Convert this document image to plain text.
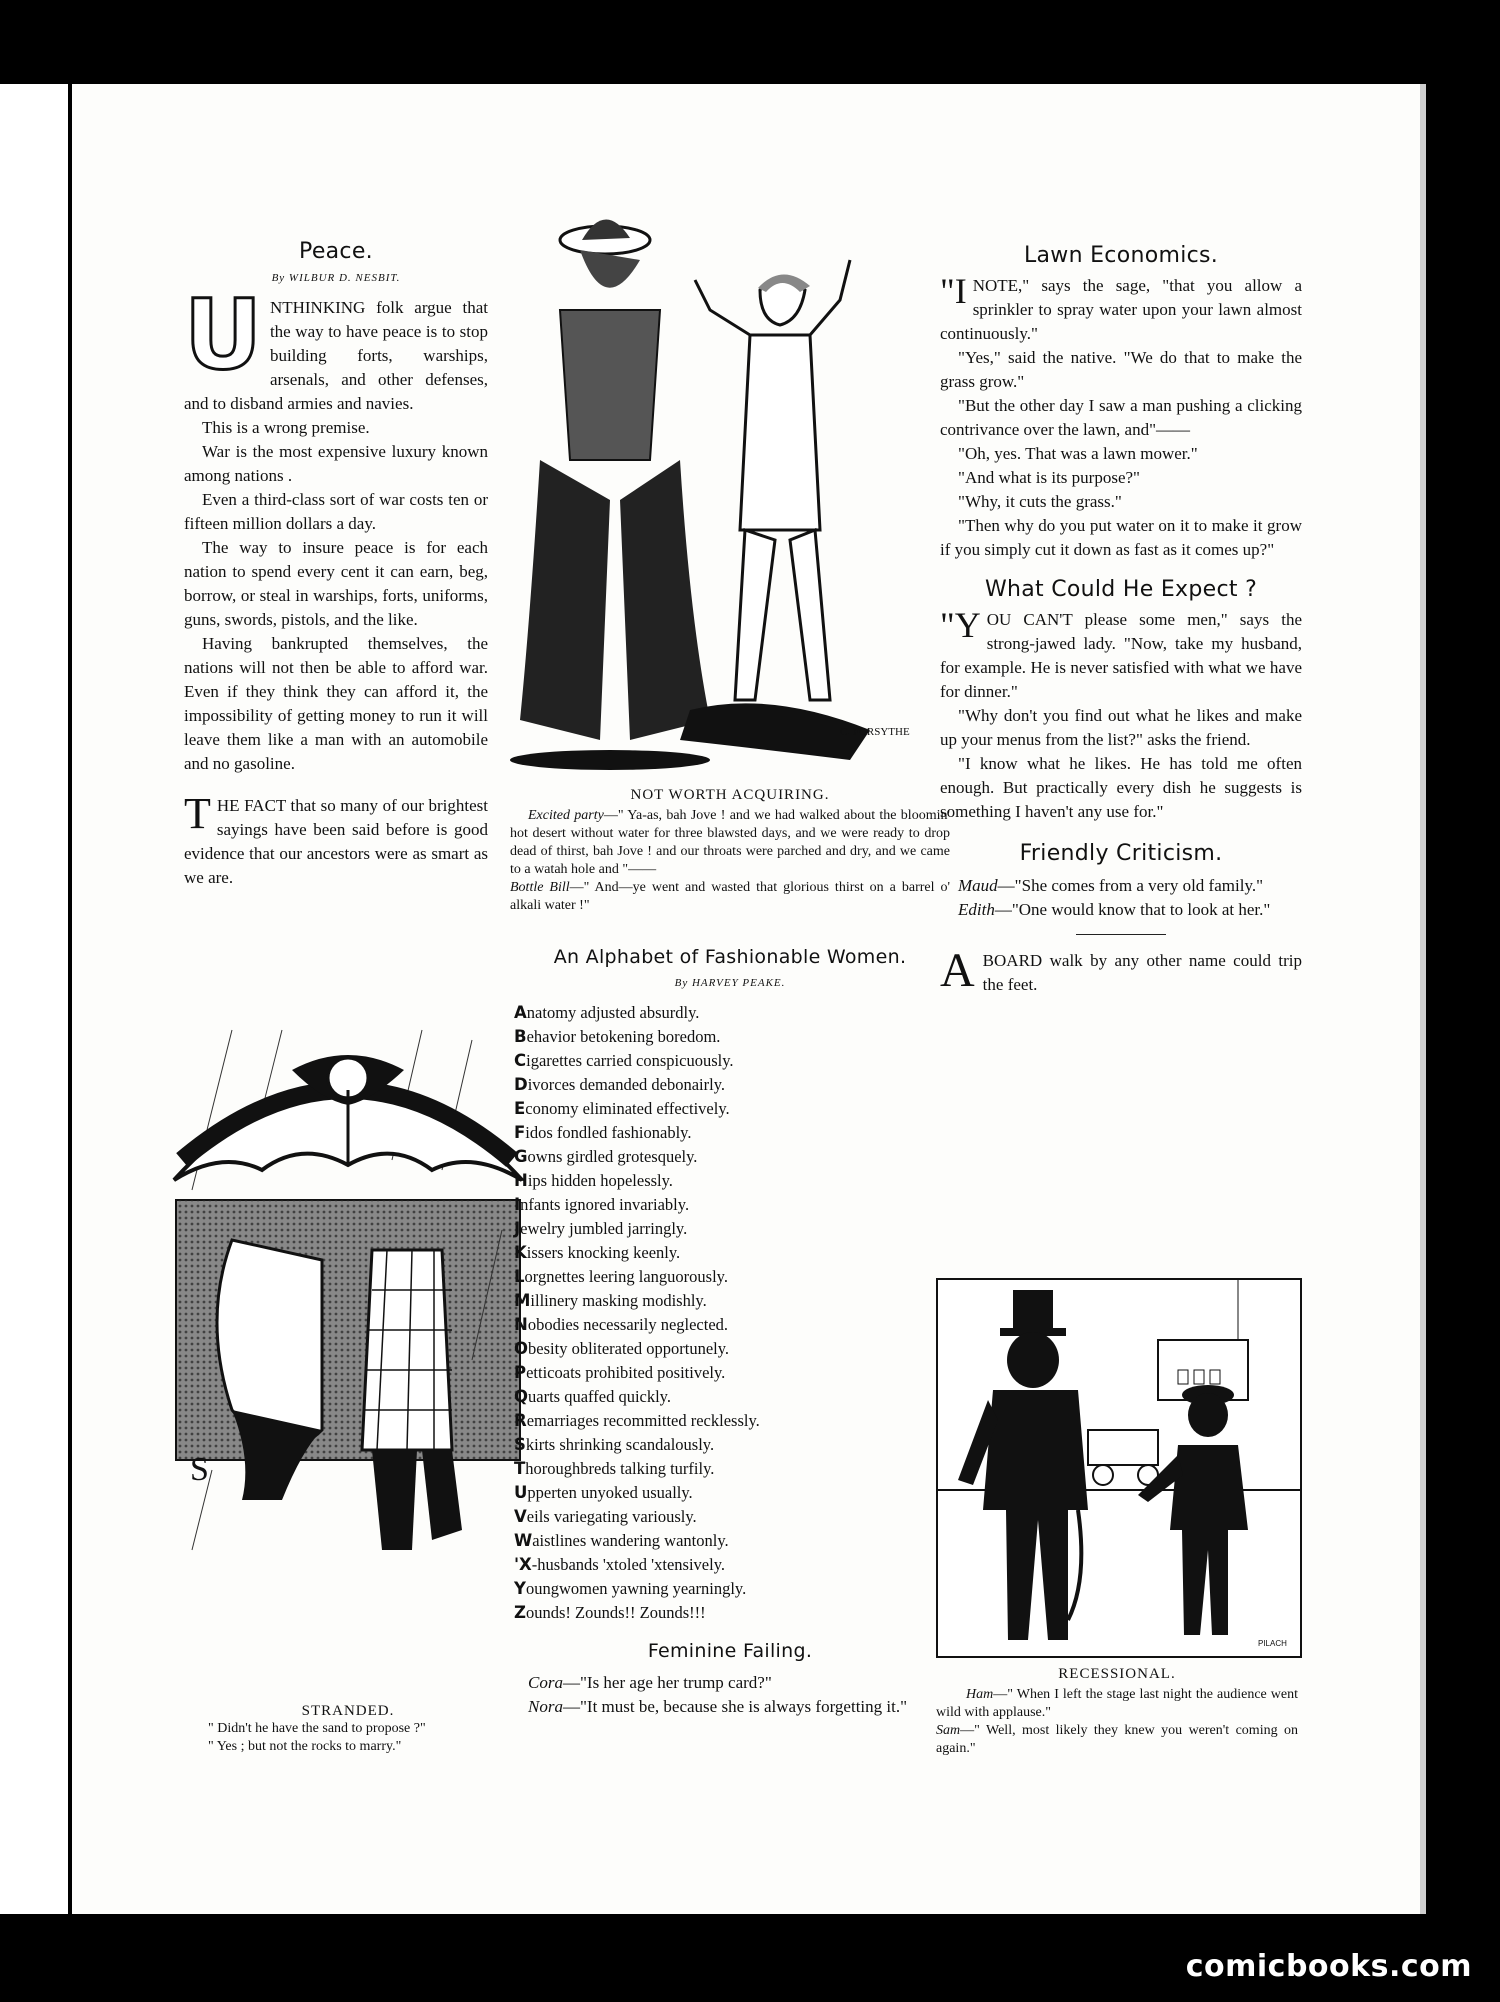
Peace.
By WILBUR D. NESBIT.

UNTHINKING folk argue that the way to have peace is to stop building forts, warships, arsenals, and other defenses, and to disband armies and navies.

This is a wrong premise.

War is the most expensive luxury known among nations .

Even a third-class sort of war costs ten or fifteen million dollars a day.

The way to insure peace is for each nation to spend every cent it can earn, beg, borrow, or steal in warships, forts, uniforms, guns, swords, pistols, and the like.

Having bankrupted themselves, the nations will not then be able to afford war. Even if they think they can afford it, the impossibility of getting money to run it will leave them like a man with an automobile and no gasoline.

THE FACT that so many of our brightest sayings have been said before is good evidence that our ancestors were as smart as we are.

S
STRANDED.
" Didn't he have the sand to propose ?"
" Yes ; but not the rocks to marry."
C. FORSYTHE
NOT WORTH ACQUIRING.
Excited party—" Ya-as, bah Jove ! and we had walked about the bloomin' hot desert without water for three blawsted days, and we were ready to drop dead of thirst, bah Jove ! and our throats were parched and dry, and we came to a watah hole and "——
Bottle Bill—" And—ye went and wasted that glorious thirst on a barrel o' alkali water !"
An Alphabet of Fashionable Women.
By HARVEY PEAKE.
Anatomy adjusted absurdly.
Behavior betokening boredom.
Cigarettes carried conspicuously.
Divorces demanded debonairly.
Economy eliminated effectively.
Fidos fondled fashionably.
Gowns girdled grotesquely.
Hips hidden hopelessly.
Infants ignored invariably.
Jewelry jumbled jarringly.
Kissers knocking keenly.
Lorgnettes leering languorously.
Millinery masking modishly.
Nobodies necessarily neglected.
Obesity obliterated opportunely.
Petticoats prohibited positively.
Quarts quaffed quickly.
Remarriages recommitted recklessly.
Skirts shrinking scandalously.
Thoroughbreds talking turfily.
Upperten unyoked usually.
Veils variegating variously.
Waistlines wandering wantonly.
'X-husbands 'xtoled 'xtensively.
Youngwomen yawning yearningly.
Zounds! Zounds!! Zounds!!!
Feminine Failing.

Cora—"Is her age her trump card?"

Nora—"It must be, because she is always forgetting it."

Lawn Economics.

"INOTE," says the sage, "that you allow a sprinkler to spray water upon your lawn almost continuously."

"Yes," said the native. "We do that to make the grass grow."

"But the other day I saw a man pushing a clicking contrivance over the lawn, and"——

"Oh, yes. That was a lawn mower."

"And what is its purpose?"

"Why, it cuts the grass."

"Then why do you put water on it to make it grow if you simply cut it down as fast as it comes up?"

What Could He Expect ?

"YOU CAN'T please some men," says the strong-jawed lady. "Now, take my husband, for example. He is never satisfied with what we have for dinner."

"Why don't you find out what he likes and make up your menus from the list?" asks the friend.

"I know what he likes. He has told me often enough. But practically every dish he suggests is something I haven't any use for."

Friendly Criticism.

Maud—"She comes from a very old family."

Edith—"One would know that to look at her."

ABOARD walk by any other name could trip the feet.

PILACH
RECESSIONAL.
Ham—" When I left the stage last night the audience went wild with applause."
Sam—" Well, most likely they knew you weren't coming on again."
comicbooks.com
